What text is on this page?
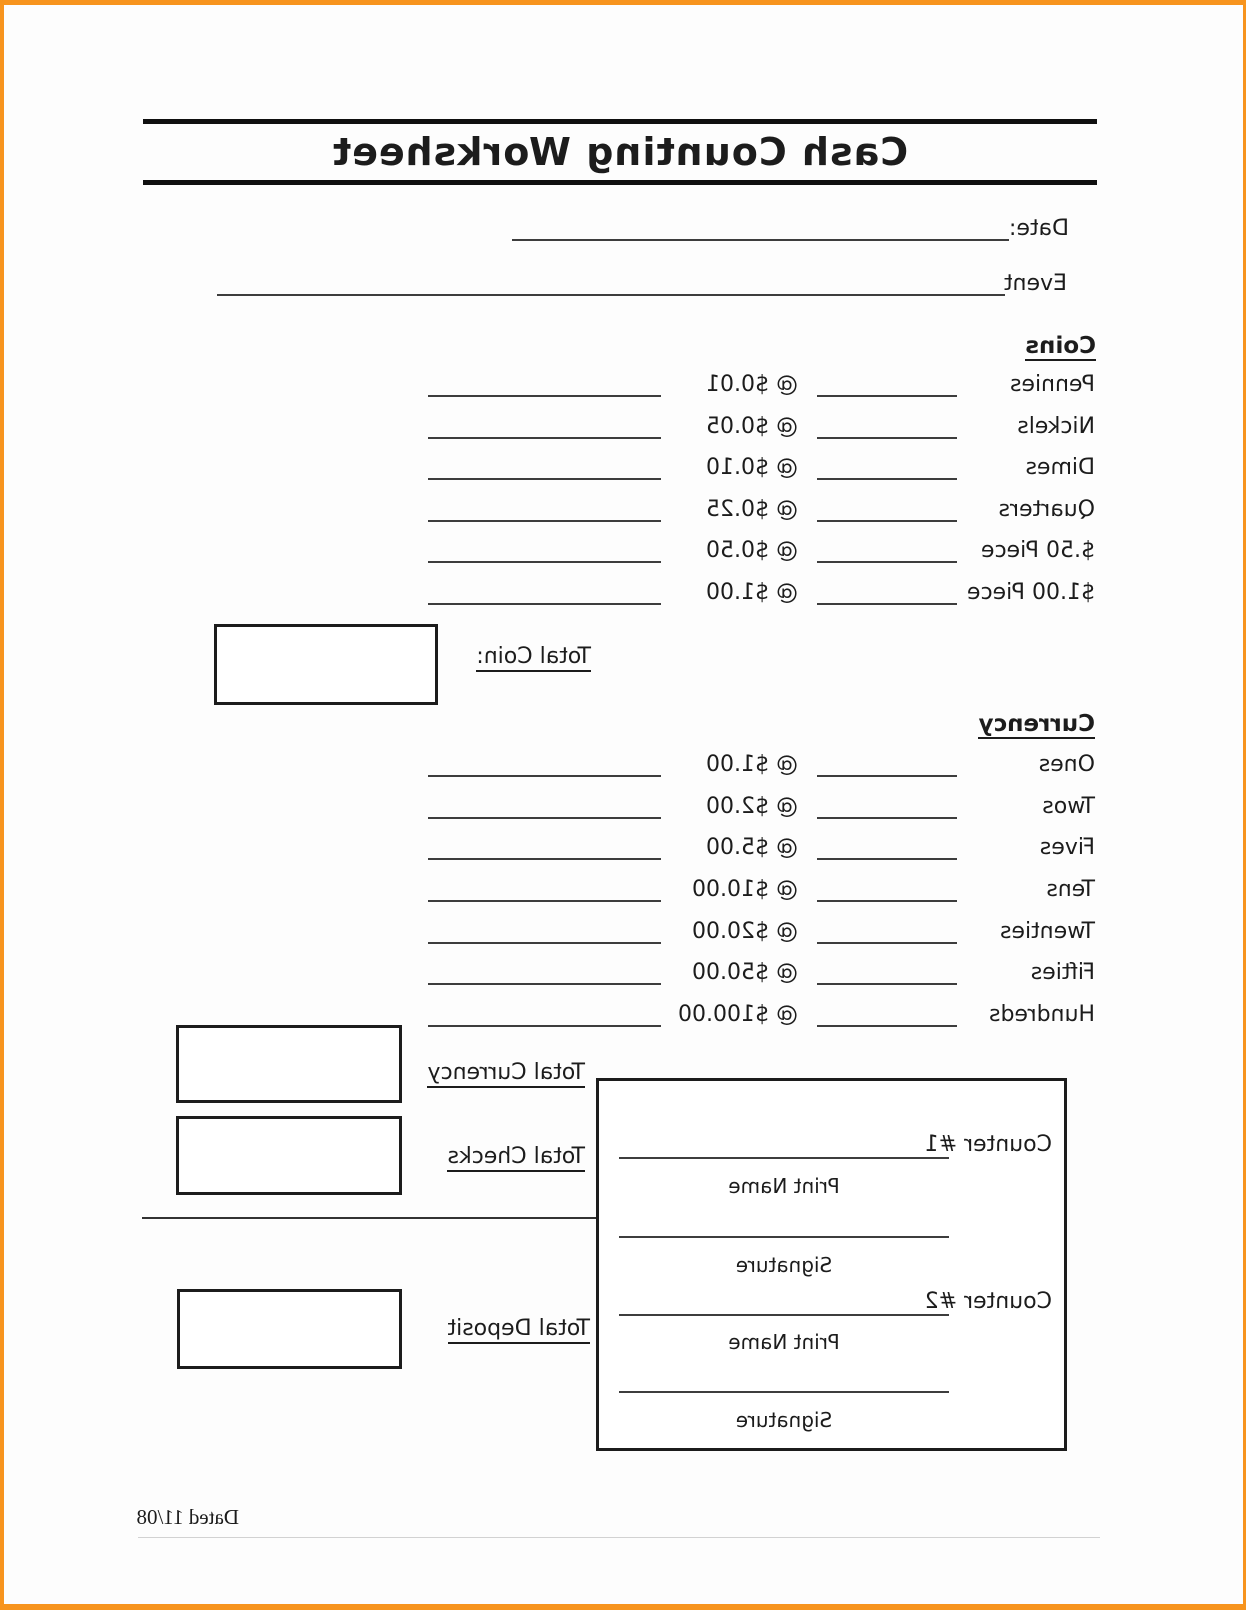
Cash Counting Worksheet
Date:
Event
Coins
Pennies
@ $0.01
Nickels
@ $0.05
Dimes
@ $0.10
Quarters
@ $0.25
$.50 Piece
@ $0.50
$1.00 Piece
@ $1.00
Total Coin:
Currency
Ones
@ $1.00
Twos
@ $2.00
Fives
@ $5.00
Tens
@ $10.00
Twenties
@ $20.00
Fifties
@ $50.00
Hundreds
@ $100.00
Total Currency
Total Checks
Total Deposit
Counter #1
Print Name
Signature
Counter #2
Print Name
Signature
Dated 11/08
